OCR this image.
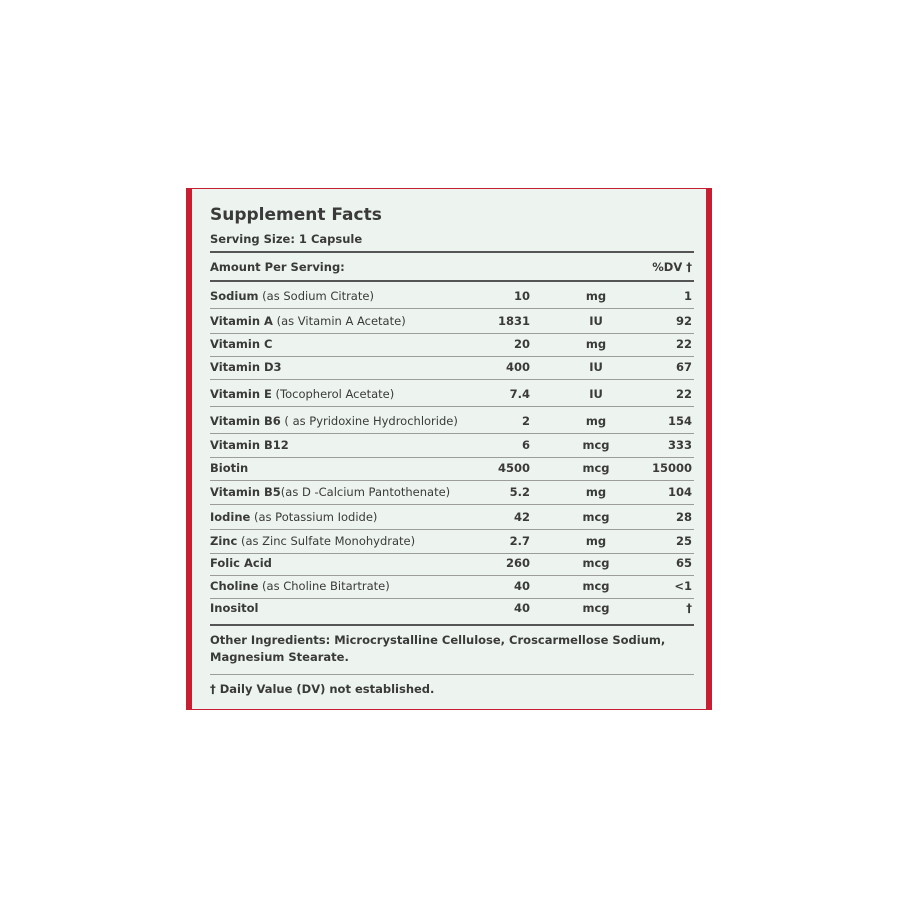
Supplement Facts
Serving Size: 1 Capsule
Amount Per Serving:	%DV †
Sodium (as Sodium Citrate)	10	mg	1
Vitamin A (as Vitamin A Acetate)	1831	IU	92
Vitamin C	20	mg	22
Vitamin D3	400	IU	67
Vitamin E (Tocopherol Acetate)	7.4	IU	22
Vitamin B6 ( as Pyridoxine Hydrochloride)	2	mg	154
Vitamin B12	6	mcg	333
Biotin	4500	mcg	15000
Vitamin B5(as D -Calcium Pantothenate)	5.2	mg	104
Iodine (as Potassium Iodide)	42	mcg	28
Zinc (as Zinc Sulfate Monohydrate)	2.7	mg	25
Folic Acid	260	mcg	65
Choline (as Choline Bitartrate)	40	mcg	<1
Inositol	40	mcg	†
Other Ingredients: Microcrystalline Cellulose, Croscarmellose Sodium, Magnesium Stearate.
† Daily Value (DV) not established.
